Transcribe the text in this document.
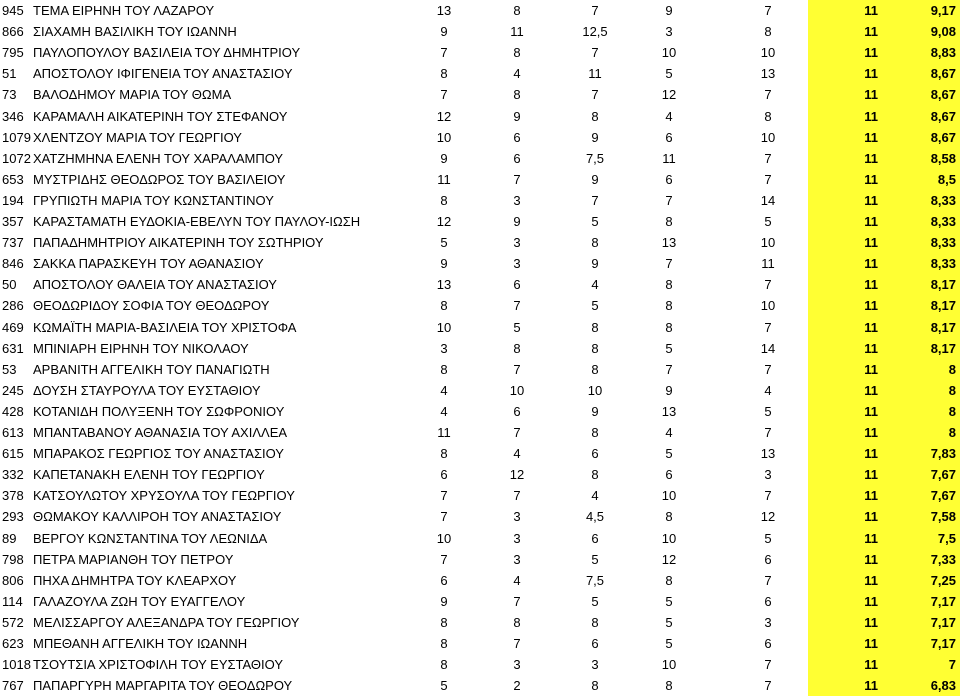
945 ΤΕΜΑ ΕΙΡΗΝΗ ΤΟΥ ΛΑΖΑΡΟΥ	13	8	7	9	7	11	9,17
866 ΣΙΑΧΑΜΗ ΒΑΣΙΛΙΚΗ ΤΟΥ ΙΩΑΝΝΗ	9	11	12,5	3	8	11	9,08
795 ΠΑΥΛΟΠΟΥΛΟΥ ΒΑΣΙΛΕΙΑ ΤΟΥ ΔΗΜΗΤΡΙΟΥ	7	8	7	10	10	11	8,83
51	ΑΠΟΣΤΟΛΟΥ ΙΦΙΓΕΝΕΙΑ ΤΟΥ ΑΝΑΣΤΑΣΙΟΥ	8	4	11	5	13	11	8,67
73	ΒΑΛΟΔΗΜΟΥ ΜΑΡΙΑ ΤΟΥ ΘΩΜΑ	7	8	7	12	7	11	8,67
346 ΚΑΡΑΜΑΛΗ ΑΙΚΑΤΕΡΙΝΗ ΤΟΥ ΣΤΕΦΑΝΟΥ	12	9	8	4	8	11	8,67
1079 ΧΛΕΝΤΖΟΥ ΜΑΡΙΑ ΤΟΥ ΓΕΩΡΓΙΟΥ	10	6	9	6	10	11	8,67
1072 ΧΑΤΖΗΜΗΝΑ ΕΛΕΝΗ ΤΟΥ ΧΑΡΑΛΑΜΠΟΥ	9	6	7,5	11	7	11	8,58
653 ΜΥΣΤΡΙΔΗΣ ΘΕΟΔΩΡΟΣ ΤΟΥ ΒΑΣΙΛΕΙΟΥ	11	7	9	6	7	11	8,5
194 ΓΡΥΠΙΩΤΗ ΜΑΡΙΑ ΤΟΥ ΚΩΝΣΤΑΝΤΙΝΟΥ	8	3	7	7	14	11	8,33
357 ΚΑΡΑΣΤΑΜΑΤΗ ΕΥΔΟΚΙΑ-ΕΒΕΛΥΝ ΤΟΥ ΠΑΥΛΟΥ-ΙΩΣΗ	12	9	5	8	5	11	8,33
737 ΠΑΠΑΔΗΜΗΤΡΙΟΥ ΑΙΚΑΤΕΡΙΝΗ ΤΟΥ ΣΩΤΗΡΙΟΥ	5	3	8	13	10	11	8,33
846 ΣΑΚΚΑ ΠΑΡΑΣΚΕΥΗ ΤΟΥ ΑΘΑΝΑΣΙΟΥ	9	3	9	7	11	11	8,33
50	ΑΠΟΣΤΟΛΟΥ ΘΑΛΕΙΑ ΤΟΥ ΑΝΑΣΤΑΣΙΟΥ	13	6	4	8	7	11	8,17
286 ΘΕΟΔΩΡΙΔΟΥ ΣΟΦΙΑ ΤΟΥ ΘΕΟΔΩΡΟΥ	8	7	5	8	10	11	8,17
469 ΚΩΜΑΪΤΗ ΜΑΡΙΑ-ΒΑΣΙΛΕΙΑ ΤΟΥ ΧΡΙΣΤΟΦΑ	10	5	8	8	7	11	8,17
631 ΜΠΙΝΙΑΡΗ ΕΙΡΗΝΗ ΤΟΥ ΝΙΚΟΛΑΟΥ	3	8	8	5	14	11	8,17
53	ΑΡΒΑΝΙΤΗ ΑΓΓΕΛΙΚΗ ΤΟΥ ΠΑΝΑΓΙΩΤΗ	8	7	8	7	7	11	8
245 ΔΟΥΣΗ ΣΤΑΥΡΟΥΛΑ ΤΟΥ ΕΥΣΤΑΘΙΟΥ	4	10	10	9	4	11	8
428 ΚΟΤΑΝΙΔΗ ΠΟΛΥΞΕΝΗ ΤΟΥ ΣΩΦΡΟΝΙΟΥ	4	6	9	13	5	11	8
613 ΜΠΑΝΤΑΒΑΝΟΥ ΑΘΑΝΑΣΙΑ ΤΟΥ ΑΧΙΛΛΕΑ	11	7	8	4	7	11	8
615 ΜΠΑΡΑΚΟΣ ΓΕΩΡΓΙΟΣ ΤΟΥ ΑΝΑΣΤΑΣΙΟΥ	8	4	6	5	13	11	7,83
332 ΚΑΠΕΤΑΝΑΚΗ ΕΛΕΝΗ ΤΟΥ ΓΕΩΡΓΙΟΥ	6	12	8	6	3	11	7,67
378 ΚΑΤΣΟΥΛΩΤΟΥ ΧΡΥΣΟΥΛΑ ΤΟΥ ΓΕΩΡΓΙΟΥ	7	7	4	10	7	11	7,67
293 ΘΩΜΑΚΟΥ ΚΑΛΛΙΡΟΗ ΤΟΥ ΑΝΑΣΤΑΣΙΟΥ	7	3	4,5	8	12	11	7,58
89	ΒΕΡΓΟΥ ΚΩΝΣΤΑΝΤΙΝΑ ΤΟΥ ΛΕΩΝΙΔΑ	10	3	6	10	5	11	7,5
798 ΠΕΤΡΑ ΜΑΡΙΑΝΘΗ ΤΟΥ ΠΕΤΡΟΥ	7	3	5	12	6	11	7,33
806 ΠΗΧΑ ΔΗΜΗΤΡΑ ΤΟΥ ΚΛΕΑΡΧΟΥ	6	4	7,5	8	7	11	7,25
114 ΓΑΛΑΖΟΥΛΑ ΖΩΗ ΤΟΥ ΕΥΑΓΓΕΛΟΥ	9	7	5	5	6	11	7,17
572 ΜΕΛΙΣΣΑΡΓΟΥ ΑΛΕΞΑΝΔΡΑ ΤΟΥ ΓΕΩΡΓΙΟΥ	8	8	8	5	3	11	7,17
623 ΜΠΕΘΑΝΗ ΑΓΓΕΛΙΚΗ ΤΟΥ ΙΩΑΝΝΗ	8	7	6	5	6	11	7,17
1018 ΤΣΟΥΤΣΙΑ ΧΡΙΣΤΟΦΙΛΗ ΤΟΥ ΕΥΣΤΑΘΙΟΥ	8	3	3	10	7	11	7
767 ΠΑΠΑΡΓΥΡΗ ΜΑΡΓΑΡΙΤΑ ΤΟΥ ΘΕΟΔΩΡΟΥ	5	2	8	8	7	11	6,83
